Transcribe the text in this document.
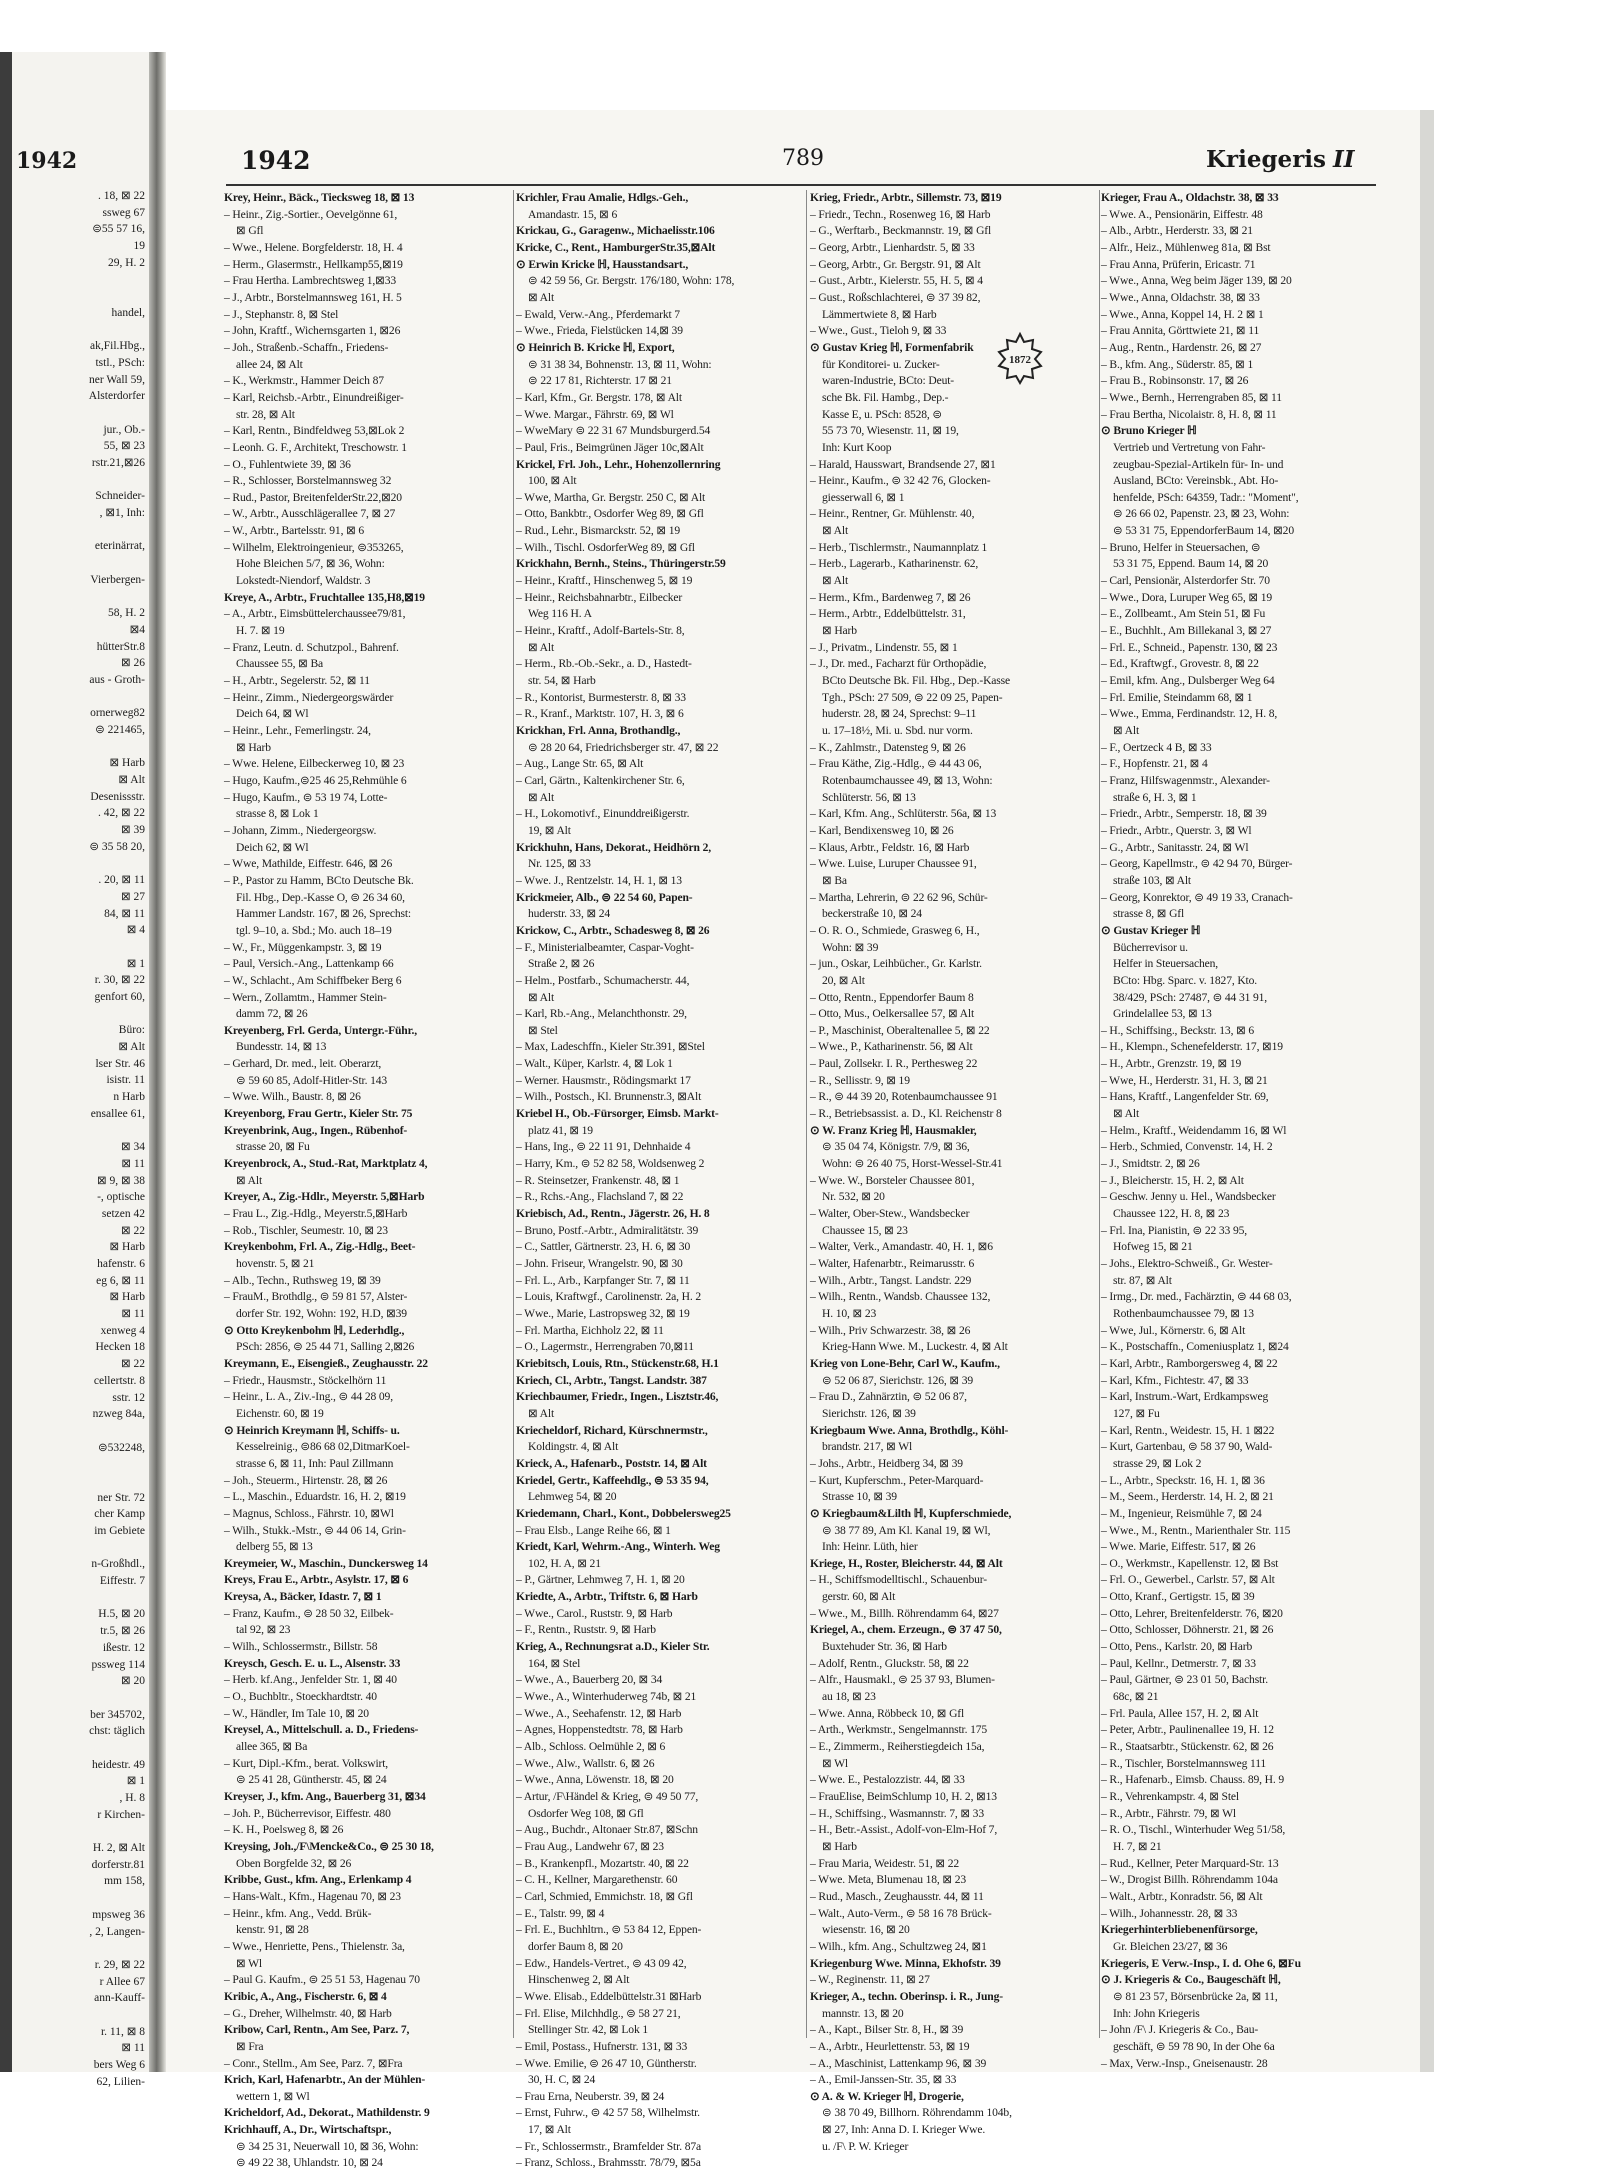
1942
. 18, ⊠ 22
ssweg 67
⊜55 57 16,
19
29, H. 2
handel,
ak,Fil.Hbg.,
tstl., PSch:
ner Wall 59,
Alsterdorfer
jur., Ob.-
55, ⊠ 23
rstr.21,⊠26
Schneider-
, ⊠1, Inh:
eterinärrat,
Vierbergen-
58, H. 2
⊠4
hütterStr.8
⊠ 26
aus - Groth-
ornerweg82
⊜ 221465,
⊠ Harb
⊠ Alt
Desenissstr.
. 42, ⊠ 22
⊠ 39
⊜ 35 58 20,
. 20, ⊠ 11
⊠ 27
84, ⊠ 11
⊠ 4
⊠ 1
r. 30, ⊠ 22
genfort 60,
Büro:
⊠ Alt
lser Str. 46
isistr. 11
n Harb
ensallee 61,
⊠ 34
⊠ 11
⊠ 9, ⊠ 38
-, optische
setzen 42
⊠ 22
⊠ Harb
hafenstr. 6
eg 6, ⊠ 11
⊠ Harb
⊠ 11
xenweg 4
Hecken 18
⊠ 22
cellertstr. 8
sstr. 12
nzweg 84a,
⊜532248,
ner Str. 72
cher Kamp
im Gebiete
n-Großhdl.,
Eiffestr. 7
H.5, ⊠ 20
tr.5, ⊠ 26
ißestr. 12
pssweg 114
⊠ 20
ber 345702,
chst: täglich
heidestr. 49
⊠ 1
, H. 8
r Kirchen-
H. 2, ⊠ Alt
dorferstr.81
mm 158,
mpsweg 36
, 2, Langen-
r. 29, ⊠ 22
r Allee 67
ann-Kauff-
r. 11, ⊠ 8
⊠ 11
bers Weg 6
62, Lilien-
1942	789	Kriegeris II
Krey, Heinr., Bäck., Tiecksweg 18, ⊠ 13
– Heinr., Zig.-Sortier., Oevelgönne 61,
⊠ Gfl
– Wwe., Helene. Borgfelderstr. 18, H. 4
– Herm., Glasermstr., Hellkamp55,⊠19
– Frau Hertha. Lambrechtsweg 1,⊠33
– J., Arbtr., Borstelmannsweg 161, H. 5
– J., Stephanstr. 8, ⊠ Stel
– John, Kraftf., Wichernsgarten 1, ⊠26
– Joh., Straßenb.-Schaffn., Friedens-
allee 24, ⊠ Alt
– K., Werkmstr., Hammer Deich 87
– Karl, Reichsb.-Arbtr., Einundreißiger-
str. 28, ⊠ Alt
– Karl, Rentn., Bindfeldweg 53,⊠Lok 2
– Leonh. G. F., Architekt, Treschowstr. 1
– O., Fuhlentwiete 39, ⊠ 36
– R., Schlosser, Borstelmannsweg 32
– Rud., Pastor, BreitenfelderStr.22,⊠20
– W., Arbtr., Ausschlägerallee 7, ⊠ 27
– W., Arbtr., Bartelsstr. 91, ⊠ 6
– Wilhelm, Elektroingenieur, ⊜353265,
Hohe Bleichen 5/7, ⊠ 36, Wohn:
Lokstedt-Niendorf, Waldstr. 3
Kreye, A., Arbtr., Fruchtallee 135,H8,⊠19
– A., Arbtr., Eimsbüttelerchaussee79/81,
H. 7. ⊠ 19
– Franz, Leutn. d. Schutzpol., Bahrenf.
Chaussee 55, ⊠ Ba
– H., Arbtr., Segelerstr. 52, ⊠ 11
– Heinr., Zimm., Niedergeorgswärder
Deich 64, ⊠ Wl
– Heinr., Lehr., Femerlingstr. 24,
⊠ Harb
– Wwe. Helene, Eilbeckerweg 10, ⊠ 23
– Hugo, Kaufm.,⊜25 46 25,Rehmühle 6
– Hugo, Kaufm., ⊜ 53 19 74, Lotte-
strasse 8, ⊠ Lok 1
– Johann, Zimm., Niedergeorgsw.
Deich 62, ⊠ Wl
– Wwe, Mathilde, Eiffestr. 646, ⊠ 26
– P., Pastor zu Hamm, BCto Deutsche Bk.
Fil. Hbg., Dep.-Kasse O, ⊜ 26 34 60,
Hammer Landstr. 167, ⊠ 26, Sprechst:
tgl. 9–10, a. Sbd.; Mo. auch 18–19
– W., Fr., Müggenkampstr. 3, ⊠ 19
– Paul, Versich.-Ang., Lattenkamp 66
– W., Schlacht., Am Schiffbeker Berg 6
– Wern., Zollamtm., Hammer Stein-
damm 72, ⊠ 26
Kreyenberg, Frl. Gerda, Untergr.-Führ.,
Bundesstr. 14, ⊠ 13
– Gerhard, Dr. med., leit. Oberarzt,
⊜ 59 60 85, Adolf-Hitler-Str. 143
– Wwe. Wilh., Baustr. 8, ⊠ 26
Kreyenborg, Frau Gertr., Kieler Str. 75
Kreyenbrink, Aug., Ingen., Rübenhof-
strasse 20, ⊠ Fu
Kreyenbrock, A., Stud.-Rat, Marktplatz 4,
⊠ Alt
Kreyer, A., Zig.-Hdlr., Meyerstr. 5,⊠Harb
– Frau L., Zig.-Hdlg., Meyerstr.5,⊠Harb
– Rob., Tischler, Seumestr. 10, ⊠ 23
Kreykenbohm, Frl. A., Zig.-Hdlg., Beet-
hovenstr. 5, ⊠ 21
– Alb., Techn., Ruthsweg 19, ⊠ 39
– FrauM., Brothdlg., ⊜ 59 81 57, Alster-
dorfer Str. 192, Wohn: 192, H.D, ⊠39
⊙ Otto Kreykenbohm ℍ, Lederhdlg.,
PSch: 2856, ⊜ 25 44 71, Salling 2,⊠26
Kreymann, E., Eisengieß., Zeughausstr. 22
– Friedr., Hausmstr., Stöckelhörn 11
– Heinr., L. A., Ziv.-Ing., ⊜ 44 28 09,
Eichenstr. 60, ⊠ 19
⊙ Heinrich Kreymann ℍ, Schiffs- u.
Kesselreinig., ⊜86 68 02,DitmarKoel-
strasse 6, ⊠ 11, Inh: Paul Zillmann
– Joh., Steuerm., Hirtenstr. 28, ⊠ 26
– L., Maschin., Eduardstr. 16, H. 2, ⊠19
– Magnus, Schloss., Fährstr. 10, ⊠Wl
– Wilh., Stukk.-Mstr., ⊜ 44 06 14, Grin-
delberg 55, ⊠ 13
Kreymeier, W., Maschin., Dunckersweg 14
Kreys, Frau E., Arbtr., Asylstr. 17, ⊠ 6
Kreysa, A., Bäcker, Idastr. 7, ⊠ 1
– Franz, Kaufm., ⊜ 28 50 32, Eilbek-
tal 92, ⊠ 23
– Wilh., Schlossermstr., Billstr. 58
Kreysch, Gesch. E. u. L., Alsenstr. 33
– Herb. kf.Ang., Jenfelder Str. 1, ⊠ 40
– O., Buchbltr., Stoeckhardtstr. 40
– W., Händler, Im Tale 10, ⊠ 20
Kreysel, A., Mittelschull. a. D., Friedens-
allee 365, ⊠ Ba
– Kurt, Dipl.-Kfm., berat. Volkswirt,
⊜ 25 41 28, Güntherstr. 45, ⊠ 24
Kreyser, J., kfm. Ang., Bauerberg 31, ⊠34
– Joh. P., Bücherrevisor, Eiffestr. 480
– K. H., Poelsweg 8, ⊠ 26
Kreysing, Joh.,/F\Mencke&Co., ⊜ 25 30 18,
Oben Borgfelde 32, ⊠ 26
Kribbe, Gust., kfm. Ang., Erlenkamp 4
– Hans-Walt., Kfm., Hagenau 70, ⊠ 23
– Heinr., kfm. Ang., Vedd. Brük-
kenstr. 91, ⊠ 28
– Wwe., Henriette, Pens., Thielenstr. 3a,
⊠ Wl
– Paul G. Kaufm., ⊜ 25 51 53, Hagenau 70
Kribic, A., Ang., Fischerstr. 6, ⊠ 4
– G., Dreher, Wilhelmstr. 40, ⊠ Harb
Kribow, Carl, Rentn., Am See, Parz. 7,
⊠ Fra
– Conr., Stellm., Am See, Parz. 7, ⊠Fra
Krich, Karl, Hafenarbtr., An der Mühlen-
wettern 1, ⊠ Wl
Kricheldorf, Ad., Dekorat., Mathildenstr. 9
Krichhauff, A., Dr., Wirtschaftspr.,
⊜ 34 25 31, Neuerwall 10, ⊠ 36, Wohn:
⊜ 49 22 38, Uhlandstr. 10, ⊠ 24
Krichler, Frau Amalie, Hdlgs.-Geh.,
Amandastr. 15, ⊠ 6
Krickau, G., Garagenw., Michaelisstr.106
Kricke, C., Rent., HamburgerStr.35,⊠Alt
⊙ Erwin Kricke ℍ, Hausstandsart.,
⊜ 42 59 56, Gr. Bergstr. 176/180, Wohn: 178,
⊠ Alt
– Ewald, Verw.-Ang., Pferdemarkt 7
– Wwe., Frieda, Fielstücken 14,⊠ 39
⊙ Heinrich B. Kricke ℍ, Export,
⊜ 31 38 34, Bohnenstr. 13, ⊠ 11, Wohn:
⊜ 22 17 81, Richterstr. 17 ⊠ 21
– Karl, Kfm., Gr. Bergstr. 178, ⊠ Alt
– Wwe. Margar., Fährstr. 69, ⊠ Wl
– WweMary ⊜ 22 31 67 Mundsburgerd.54
– Paul, Fris., Beimgrünen Jäger 10c,⊠Alt
Krickel, Frl. Joh., Lehr., Hohenzollernring
100, ⊠ Alt
– Wwe, Martha, Gr. Bergstr. 250 C, ⊠ Alt
– Otto, Bankbtr., Osdorfer Weg 89, ⊠ Gfl
– Rud., Lehr., Bismarckstr. 52, ⊠ 19
– Wilh., Tischl. OsdorferWeg 89, ⊠ Gfl
Krickhahn, Bernh., Steins., Thüringerstr.59
– Heinr., Kraftf., Hinschenweg 5, ⊠ 19
– Heinr., Reichsbahnarbtr., Eilbecker
Weg 116 H. A
– Heinr., Kraftf., Adolf-Bartels-Str. 8,
⊠ Alt
– Herm., Rb.-Ob.-Sekr., a. D., Hastedt-
str. 54, ⊠ Harb
– R., Kontorist, Burmesterstr. 8, ⊠ 33
– R., Kranf., Marktstr. 107, H. 3, ⊠ 6
Krickhan, Frl. Anna, Brothandlg.,
⊜ 28 20 64, Friedrichsberger str. 47, ⊠ 22
– Aug., Lange Str. 65, ⊠ Alt
– Carl, Gärtn., Kaltenkirchener Str. 6,
⊠ Alt
– H., Lokomotivf., Einunddreißigerstr.
19, ⊠ Alt
Krickhuhn, Hans, Dekorat., Heidhörn 2,
Nr. 125, ⊠ 33
– Wwe. J., Rentzelstr. 14, H. 1, ⊠ 13
Krickmeier, Alb., ⊜ 22 54 60, Papen-
huderstr. 33, ⊠ 24
Krickow, C., Arbtr., Schadesweg 8, ⊠ 26
– F., Ministerialbeamter, Caspar-Voght-
Straße 2, ⊠ 26
– Helm., Postfarb., Schumacherstr. 44,
⊠ Alt
– Karl, Rb.-Ang., Melanchthonstr. 29,
⊠ Stel
– Max, Ladeschffn., Kieler Str.391, ⊠Stel
– Walt., Küper, Karlstr. 4, ⊠ Lok 1
– Werner. Hausmstr., Rödingsmarkt 17
– Wilh., Postsch., Kl. Brunnenstr.3, ⊠Alt
Kriebel H., Ob.-Fürsorger, Eimsb. Markt-
platz 41, ⊠ 19
– Hans, Ing., ⊜ 22 11 91, Dehnhaide 4
– Harry, Km., ⊜ 52 82 58, Woldsenweg 2
– R. Steinsetzer, Frankenstr. 48, ⊠ 1
– R., Rchs.-Ang., Flachsland 7, ⊠ 22
Kriebisch, Ad., Rentn., Jägerstr. 26, H. 8
– Bruno, Postf.-Arbtr., Admiralitätstr. 39
– C., Sattler, Gärtnerstr. 23, H. 6, ⊠ 30
– John. Friseur, Wrangelstr. 90, ⊠ 30
– Frl. L., Arb., Karpfanger Str. 7, ⊠ 11
– Louis, Kraftwgf., Carolinenstr. 2a, H. 2
– Wwe., Marie, Lastropsweg 32, ⊠ 19
– Frl. Martha, Eichholz 22, ⊠ 11
– O., Lagermstr., Herrengraben 70,⊠11
Kriebitsch, Louis, Rtn., Stückenstr.68, H.1
Kriech, Cl., Arbtr., Tangst. Landstr. 387
Kriechbaumer, Friedr., Ingen., Lisztstr.46,
⊠ Alt
Kriecheldorf, Richard, Kürschnermstr.,
Koldingstr. 4, ⊠ Alt
Krieck, A., Hafenarb., Poststr. 14, ⊠ Alt
Kriedel, Gertr., Kaffeehdlg., ⊜ 53 35 94,
Lehmweg 54, ⊠ 20
Kriedemann, Charl., Kont., Dobbelersweg25
– Frau Elsb., Lange Reihe 66, ⊠ 1
Kriedt, Karl, Wehrm.-Ang., Winterh. Weg
102, H. A, ⊠ 21
– P., Gärtner, Lehmweg 7, H. 1, ⊠ 20
Kriedte, A., Arbtr., Triftstr. 6, ⊠ Harb
– Wwe., Carol., Ruststr. 9, ⊠ Harb
– F., Rentn., Ruststr. 9, ⊠ Harb
Krieg, A., Rechnungsrat a.D., Kieler Str.
164, ⊠ Stel
– Wwe., A., Bauerberg 20, ⊠ 34
– Wwe., A., Winterhuderweg 74b, ⊠ 21
– Wwe., A., Seehafenstr. 12, ⊠ Harb
– Agnes, Hoppenstedtstr. 78, ⊠ Harb
– Alb., Schloss. Oelmühle 2, ⊠ 6
– Wwe., Alw., Wallstr. 6, ⊠ 26
– Wwe., Anna, Löwenstr. 18, ⊠ 20
– Artur, /F\Händel & Krieg, ⊜ 49 50 77,
Osdorfer Weg 108, ⊠ Gfl
– Aug., Buchdr., Altonaer Str.87, ⊠Schn
– Frau Aug., Landwehr 67, ⊠ 23
– B., Krankenpfl., Mozartstr. 40, ⊠ 22
– C. H., Kellner, Margarethenstr. 60
– Carl, Schmied, Emmichstr. 18, ⊠ Gfl
– E., Talstr. 99, ⊠ 4
– Frl. E., Buchhltrn., ⊜ 53 84 12, Eppen-
dorfer Baum 8, ⊠ 20
– Edw., Handels-Vertret., ⊜ 43 09 42,
Hinschenweg 2, ⊠ Alt
– Wwe. Elisab., Eddelbüttelstr.31 ⊠Harb
– Frl. Elise, Milchhdlg., ⊜ 58 27 21,
Stellinger Str. 42, ⊠ Lok 1
– Emil, Postass., Hufnerstr. 131, ⊠ 33
– Wwe. Emilie, ⊜ 26 47 10, Güntherstr.
30, H. C, ⊠ 24
– Frau Erna, Neuberstr. 39, ⊠ 24
– Ernst, Fuhrw., ⊜ 42 57 58, Wilhelmstr.
17, ⊠ Alt
– Fr., Schlossermstr., Bramfelder Str. 87a
– Franz, Schloss., Brahmsstr. 78/79, ⊠5a
Krieg, Friedr., Arbtr., Sillemstr. 73, ⊠19
– Friedr., Techn., Rosenweg 16, ⊠ Harb
– G., Werftarb., Beckmannstr. 19, ⊠ Gfl
– Georg, Arbtr., Lienhardstr. 5, ⊠ 33
– Georg, Arbtr., Gr. Bergstr. 91, ⊠ Alt
– Gust., Arbtr., Kielerstr. 55, H. 5, ⊠ 4
– Gust., Roßschlachterei, ⊜ 37 39 82,
Lämmertwiete 8, ⊠ Harb
– Wwe., Gust., Tieloh 9, ⊠ 33
⊙ Gustav Krieg ℍ, Formenfabrik
für Konditorei- u. Zucker-
waren-Industrie, BCto: Deut-
sche Bk. Fil. Hambg., Dep.-
Kasse E, u. PSch: 8528, ⊜
55 73 70, Wiesenstr. 11, ⊠ 19,
Inh: Kurt Koop
– Harald, Hausswart, Brandsende 27, ⊠1
– Heinr., Kaufm., ⊜ 32 42 76, Glocken-
giesserwall 6, ⊠ 1
– Heinr., Rentner, Gr. Mühlenstr. 40,
⊠ Alt
– Herb., Tischlermstr., Naumannplatz 1
– Herb., Lagerarb., Katharinenstr. 62,
⊠ Alt
– Herm., Kfm., Bardenweg 7, ⊠ 26
– Herm., Arbtr., Eddelbüttelstr. 31,
⊠ Harb
– J., Privatm., Lindenstr. 55, ⊠ 1
– J., Dr. med., Facharzt für Orthopädie,
BCto Deutsche Bk. Fil. Hbg., Dep.-Kasse
Tgh., PSch: 27 509, ⊜ 22 09 25, Papen-
huderstr. 28, ⊠ 24, Sprechst: 9–11
u. 17–18½, Mi. u. Sbd. nur vorm.
– K., Zahlmstr., Datensteg 9, ⊠ 26
– Frau Käthe, Zig.-Hdlg., ⊜ 44 43 06,
Rotenbaumchaussee 49, ⊠ 13, Wohn:
Schlüterstr. 56, ⊠ 13
– Karl, Kfm. Ang., Schlüterstr. 56a, ⊠ 13
– Karl, Bendixensweg 10, ⊠ 26
– Klaus, Arbtr., Feldstr. 16, ⊠ Harb
– Wwe. Luise, Luruper Chaussee 91,
⊠ Ba
– Martha, Lehrerin, ⊜ 22 62 96, Schür-
beckerstraße 10, ⊠ 24
– O. R. O., Schmiede, Grasweg 6, H.,
Wohn: ⊠ 39
– jun., Oskar, Leihbücher., Gr. Karlstr.
20, ⊠ Alt
– Otto, Rentn., Eppendorfer Baum 8
– Otto, Mus., Oelkersallee 57, ⊠ Alt
– P., Maschinist, Oberaltenallee 5, ⊠ 22
– Wwe., P., Katharinenstr. 56, ⊠ Alt
– Paul, Zollsekr. I. R., Perthesweg 22
– R., Sellisstr. 9, ⊠ 19
– R., ⊜ 44 39 20, Rotenbaumchaussee 91
– R., Betriebsassist. a. D., Kl. Reichenstr 8
⊙ W. Franz Krieg ℍ, Hausmakler,
⊜ 35 04 74, Königstr. 7/9, ⊠ 36,
Wohn: ⊜ 26 40 75, Horst-Wessel-Str.41
– Wwe. W., Borsteler Chaussee 801,
Nr. 532, ⊠ 20
– Walter, Ober-Stew., Wandsbecker
Chaussee 15, ⊠ 23
– Walter, Verk., Amandastr. 40, H. 1, ⊠6
– Walter, Hafenarbtr., Reimarusstr. 6
– Wilh., Arbtr., Tangst. Landstr. 229
– Wilh., Rentn., Wandsb. Chaussee 132,
H. 10, ⊠ 23
– Wilh., Priv Schwarzestr. 38, ⊠ 26
Krieg-Hann Wwe. M., Luckestr. 4, ⊠ Alt
Krieg von Lone-Behr, Carl W., Kaufm.,
⊜ 52 06 87, Sierichstr. 126, ⊠ 39
– Frau D., Zahnärztin, ⊜ 52 06 87,
Sierichstr. 126, ⊠ 39
Kriegbaum Wwe. Anna, Brothdlg., Köhl-
brandstr. 217, ⊠ Wl
– Johs., Arbtr., Heidberg 34, ⊠ 39
– Kurt, Kupferschm., Peter-Marquard-
Strasse 10, ⊠ 39
⊙ Kriegbaum&Lilth ℍ, Kupferschmiede,
⊜ 38 77 89, Am Kl. Kanal 19, ⊠ Wl,
Inh: Heinr. Lüth, hier
Kriege, H., Roster, Bleicherstr. 44, ⊠ Alt
– H., Schiffsmodelltischl., Schauenbur-
gerstr. 60, ⊠ Alt
– Wwe., M., Billh. Röhrendamm 64, ⊠27
Kriegel, A., chem. Erzeugn., ⊜ 37 47 50,
Buxtehuder Str. 36, ⊠ Harb
– Adolf, Rentn., Gluckstr. 58, ⊠ 22
– Alfr., Hausmakl., ⊜ 25 37 93, Blumen-
au 18, ⊠ 23
– Wwe. Anna, Röbbeck 10, ⊠ Gfl
– Arth., Werkmstr., Sengelmannstr. 175
– E., Zimmerm., Reiherstiegdeich 15a,
⊠ Wl
– Wwe. E., Pestalozzistr. 44, ⊠ 33
– FrauElise, BeimSchlump 10, H. 2, ⊠13
– H., Schiffsing., Wasmannstr. 7, ⊠ 33
– H., Betr.-Assist., Adolf-von-Elm-Hof 7,
⊠ Harb
– Frau Maria, Weidestr. 51, ⊠ 22
– Wwe. Meta, Blumenau 18, ⊠ 23
– Rud., Masch., Zeughausstr. 44, ⊠ 11
– Walt., Auto-Verm., ⊜ 58 16 78 Brück-
wiesenstr. 16, ⊠ 20
– Wilh., kfm. Ang., Schultzweg 24, ⊠1
Kriegenburg Wwe. Minna, Ekhofstr. 39
– W., Reginenstr. 11, ⊠ 27
Krieger, A., techn. Oberinsp. i. R., Jung-
mannstr. 13, ⊠ 20
– A., Kapt., Bilser Str. 8, H., ⊠ 39
– A., Arbtr., Heurlettenstr. 53, ⊠ 19
– A., Maschinist, Lattenkamp 96, ⊠ 39
– A., Emil-Janssen-Str. 35, ⊠ 33
⊙ A. & W. Krieger ℍ, Drogerie,
⊜ 38 70 49, Billhorn. Röhrendamm 104b,
⊠ 27, Inh: Anna D. I. Krieger Wwe.
u. /F\ P. W. Krieger
Krieger, Frau A., Oldachstr. 38, ⊠ 33
– Wwe. A., Pensionärin, Eiffestr. 48
– Alb., Arbtr., Herderstr. 33, ⊠ 21
– Alfr., Heiz., Mühlenweg 81a, ⊠ Bst
– Frau Anna, Prüferin, Ericastr. 71
– Wwe., Anna, Weg beim Jäger 139, ⊠ 20
– Wwe., Anna, Oldachstr. 38, ⊠ 33
– Wwe., Anna, Koppel 14, H. 2 ⊠ 1
– Frau Annita, Görttwiete 21, ⊠ 11
– Aug., Rentn., Hardenstr. 26, ⊠ 27
– B., kfm. Ang., Süderstr. 85, ⊠ 1
– Frau B., Robinsonstr. 17, ⊠ 26
– Wwe., Bernh., Herrengraben 85, ⊠ 11
– Frau Bertha, Nicolaistr. 8, H. 8, ⊠ 11
⊙ Bruno Krieger ℍ
Vertrieb und Vertretung von Fahr-
zeugbau-Spezial-Artikeln für- In- und
Ausland, BCto: Vereinsbk., Abt. Ho-
henfelde, PSch: 64359, Tadr.: "Moment",
⊜ 26 66 02, Papenstr. 23, ⊠ 23, Wohn:
⊜ 53 31 75, EppendorferBaum 14, ⊠20
– Bruno, Helfer in Steuersachen, ⊜
53 31 75, Eppend. Baum 14, ⊠ 20
– Carl, Pensionär, Alsterdorfer Str. 70
– Wwe., Dora, Luruper Weg 65, ⊠ 19
– E., Zollbeamt., Am Stein 51, ⊠ Fu
– E., Buchhlt., Am Billekanal 3, ⊠ 27
– Frl. E., Schneid., Papenstr. 130, ⊠ 23
– Ed., Kraftwgf., Grovestr. 8, ⊠ 22
– Emil, kfm. Ang., Dulsberger Weg 64
– Frl. Emilie, Steindamm 68, ⊠ 1
– Wwe., Emma, Ferdinandstr. 12, H. 8,
⊠ Alt
– F., Oertzeck 4 B, ⊠ 33
– F., Hopfenstr. 21, ⊠ 4
– Franz, Hilfswagenmstr., Alexander-
straße 6, H. 3, ⊠ 1
– Friedr., Arbtr., Semperstr. 18, ⊠ 39
– Friedr., Arbtr., Querstr. 3, ⊠ Wl
– G., Arbtr., Sanitasstr. 24, ⊠ Wl
– Georg, Kapellmstr., ⊜ 42 94 70, Bürger-
straße 103, ⊠ Alt
– Georg, Konrektor, ⊜ 49 19 33, Cranach-
strasse 8, ⊠ Gfl
⊙ Gustav Krieger ℍ
Bücherrevisor u.
Helfer in Steuersachen,
BCto: Hbg. Sparc. v. 1827, Kto.
38/429, PSch: 27487, ⊜ 44 31 91,
Grindelallee 53, ⊠ 13
– H., Schiffsing., Beckstr. 13, ⊠ 6
– H., Klempn., Schenefelderstr. 17, ⊠19
– H., Arbtr., Grenzstr. 19, ⊠ 19
– Wwe, H., Herderstr. 31, H. 3, ⊠ 21
– Hans, Kraftf., Langenfelder Str. 69,
⊠ Alt
– Helm., Kraftf., Weidendamm 16, ⊠ Wl
– Herb., Schmied, Convenstr. 14, H. 2
– J., Smidtstr. 2, ⊠ 26
– J., Bleicherstr. 15, H. 2, ⊠ Alt
– Geschw. Jenny u. Hel., Wandsbecker
Chaussee 122, H. 8, ⊠ 23
– Frl. Ina, Pianistin, ⊜ 22 33 95,
Hofweg 15, ⊠ 21
– Johs., Elektro-Schweiß., Gr. Wester-
str. 87, ⊠ Alt
– Irmg., Dr. med., Fachärztin, ⊜ 44 68 03,
Rothenbaumchaussee 79, ⊠ 13
– Wwe, Jul., Körnerstr. 6, ⊠ Alt
– K., Postschaffn., Comeniusplatz 1, ⊠24
– Karl, Arbtr., Ramborgersweg 4, ⊠ 22
– Karl, Kfm., Fichtestr. 47, ⊠ 33
– Karl, Instrum.-Wart, Erdkampsweg
127, ⊠ Fu
– Karl, Rentn., Weidestr. 15, H. 1 ⊠22
– Kurt, Gartenbau, ⊜ 58 37 90, Wald-
strasse 29, ⊠ Lok 2
– L., Arbtr., Speckstr. 16, H. 1, ⊠ 36
– M., Seem., Herderstr. 14, H. 2, ⊠ 21
– M., Ingenieur, Reismühle 7, ⊠ 24
– Wwe., M., Rentn., Marienthaler Str. 115
– Wwe. Marie, Eiffestr. 517, ⊠ 26
– O., Werkmstr., Kapellenstr. 12, ⊠ Bst
– Frl. O., Gewerbel., Carlstr. 57, ⊠ Alt
– Otto, Kranf., Gertigstr. 15, ⊠ 39
– Otto, Lehrer, Breitenfelderstr. 76, ⊠20
– Otto, Schlosser, Döhnerstr. 21, ⊠ 26
– Otto, Pens., Karlstr. 20, ⊠ Harb
– Paul, Kellnr., Detmerstr. 7, ⊠ 33
– Paul, Gärtner, ⊜ 23 01 50, Bachstr.
68c, ⊠ 21
– Frl. Paula, Allee 157, H. 2, ⊠ Alt
– Peter, Arbtr., Paulinenallee 19, H. 12
– R., Staatsarbtr., Stückenstr. 62, ⊠ 26
– R., Tischler, Borstelmannsweg 111
– R., Hafenarb., Eimsb. Chauss. 89, H. 9
– R., Vehrenkampstr. 4, ⊠ Stel
– R., Arbtr., Fährstr. 79, ⊠ Wl
– R. O., Tischl., Winterhuder Weg 51/58,
H. 7, ⊠ 21
– Rud., Kellner, Peter Marquard-Str. 13
– W., Drogist Billh. Röhrendamm 104a
– Walt., Arbtr., Konradstr. 56, ⊠ Alt
– Wilh., Johannesstr. 28, ⊠ 33
Kriegerhinterbliebenenfürsorge,
Gr. Bleichen 23/27, ⊠ 36
Kriegeris, E Verw.-Insp., I. d. Ohe 6, ⊠Fu
⊙ J. Kriegeris & Co., Baugeschäft ℍ,
⊜ 81 23 57, Börsenbrücke 2a, ⊠ 11,
Inh: John Kriegeris
– John /F\ J. Kriegeris & Co., Bau-
geschäft, ⊜ 59 78 90, In der Ohe 6a
– Max, Verw.-Insp., Gneisenaustr. 28
1872
